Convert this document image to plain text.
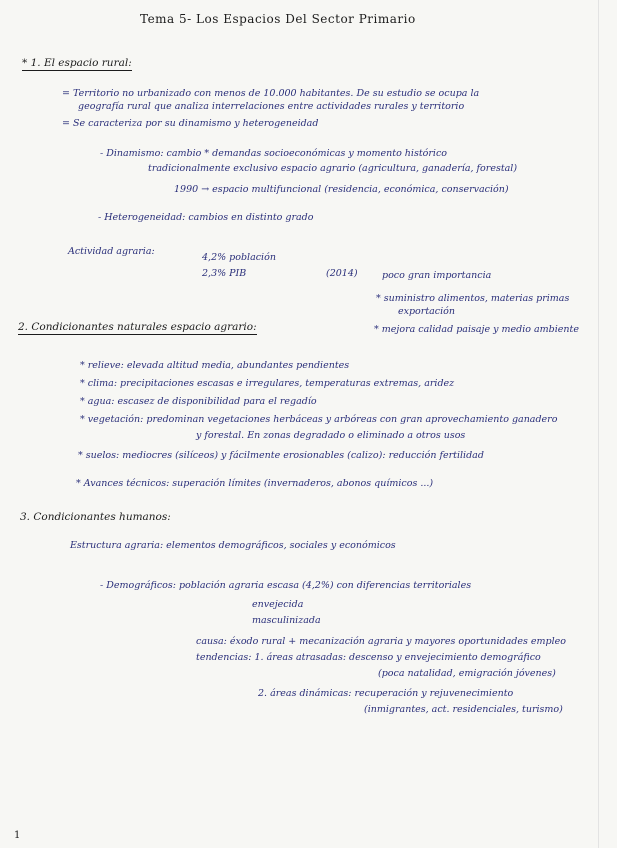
Tema 5- Los Espacios Del Sector Primario
* 1. El espacio rural:
= Territorio no urbanizado con menos de 10.000 habitantes. De su estudio se ocupa la
geografía rural que analiza interrelaciones entre actividades rurales y territorio
= Se caracteriza por su dinamismo y heterogeneidad
- Dinamismo: cambio * demandas socioeconómicas y momento histórico
tradicionalmente exclusivo espacio agrario (agricultura, ganadería, forestal)
1990 → espacio multifuncional (residencia, económica, conservación)
- Heterogeneidad: cambios en distinto grado
Actividad agraria:
4,2% población
2,3% PIB	(2014)	poco gran importancia
* suministro alimentos, materias primas
exportación
* mejora calidad paisaje y medio ambiente
2. Condicionantes naturales espacio agrario:
* relieve: elevada altitud media, abundantes pendientes
* clima: precipitaciones escasas e irregulares, temperaturas extremas, aridez
* agua: escasez de disponibilidad para el regadío
* vegetación: predominan vegetaciones herbáceas y arbóreas con gran aprovechamiento ganadero
y forestal. En zonas degradado o eliminado a otros usos
* suelos: mediocres (silíceos) y fácilmente erosionables (calizo): reducción fertilidad
* Avances técnicos: superación límites (invernaderos, abonos químicos ...)
3. Condicionantes humanos:
Estructura agraria: elementos demográficos, sociales y económicos
- Demográficos: población agraria escasa (4,2%) con diferencias territoriales
envejecida
masculinizada
causa: éxodo rural + mecanización agraria y mayores oportunidades empleo
tendencias: 1. áreas atrasadas: descenso y envejecimiento demográfico
(poca natalidad, emigración jóvenes)
2. áreas dinámicas: recuperación y rejuvenecimiento
(inmigrantes, act. residenciales, turismo)
1
